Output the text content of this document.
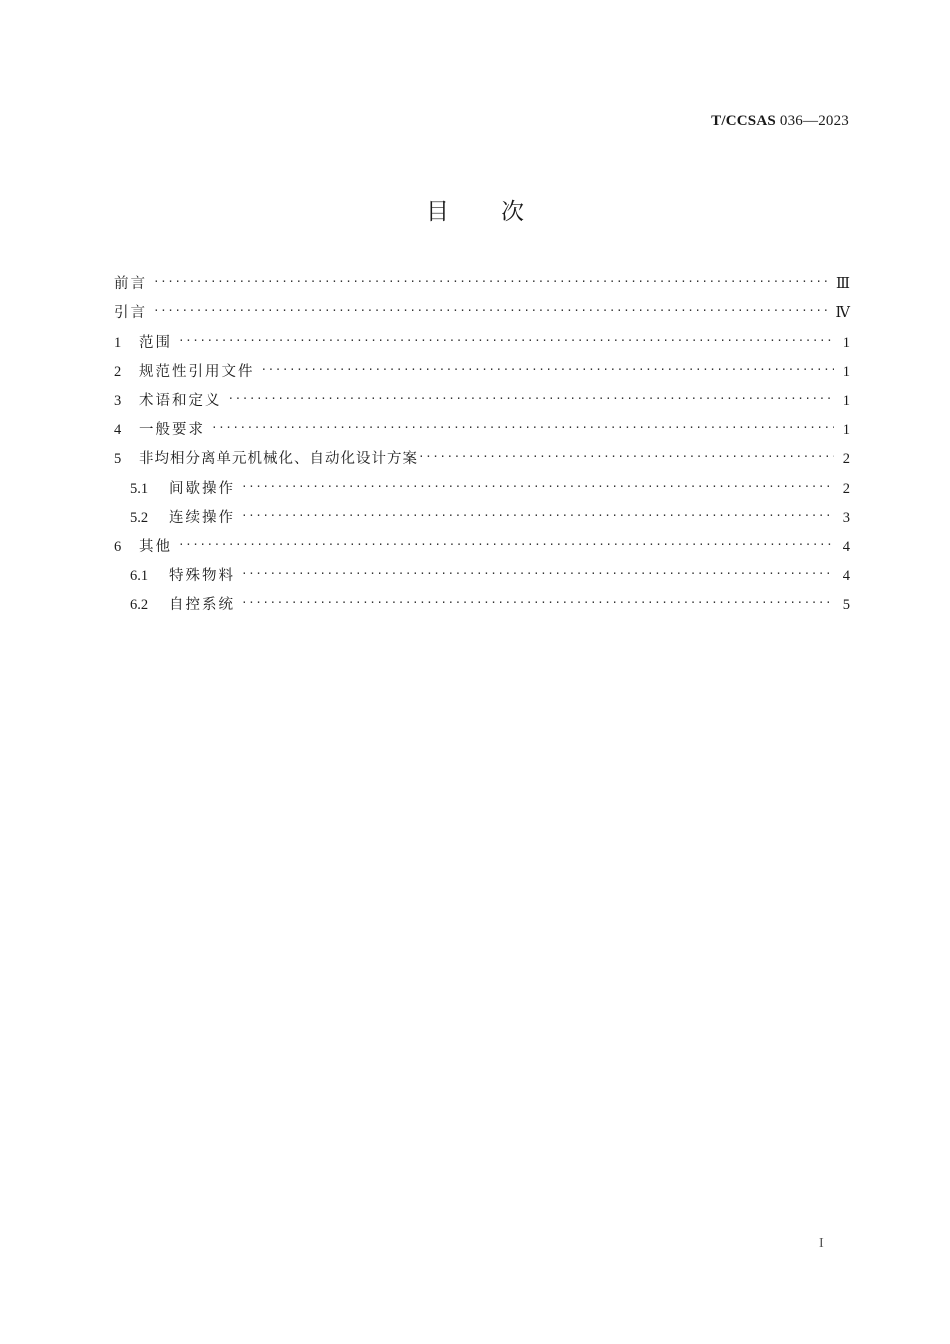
T/CCSAS 036—2023
目次
前言 ·····	Ⅲ
引言 ·····	Ⅳ
1	范围 ·····	1
2	规范性引用文件 ·····	1
3	术语和定义 ·····	1
4	一般要求 ·····	1
5	非均相分离单元机械化、自动化设计方案 ·····	2
5.1	间歇操作 ·····	2
5.2	连续操作 ·····	3
6	其他 ·····	4
6.1	特殊物料 ·····	4
6.2	自控系统 ·····	5
I
